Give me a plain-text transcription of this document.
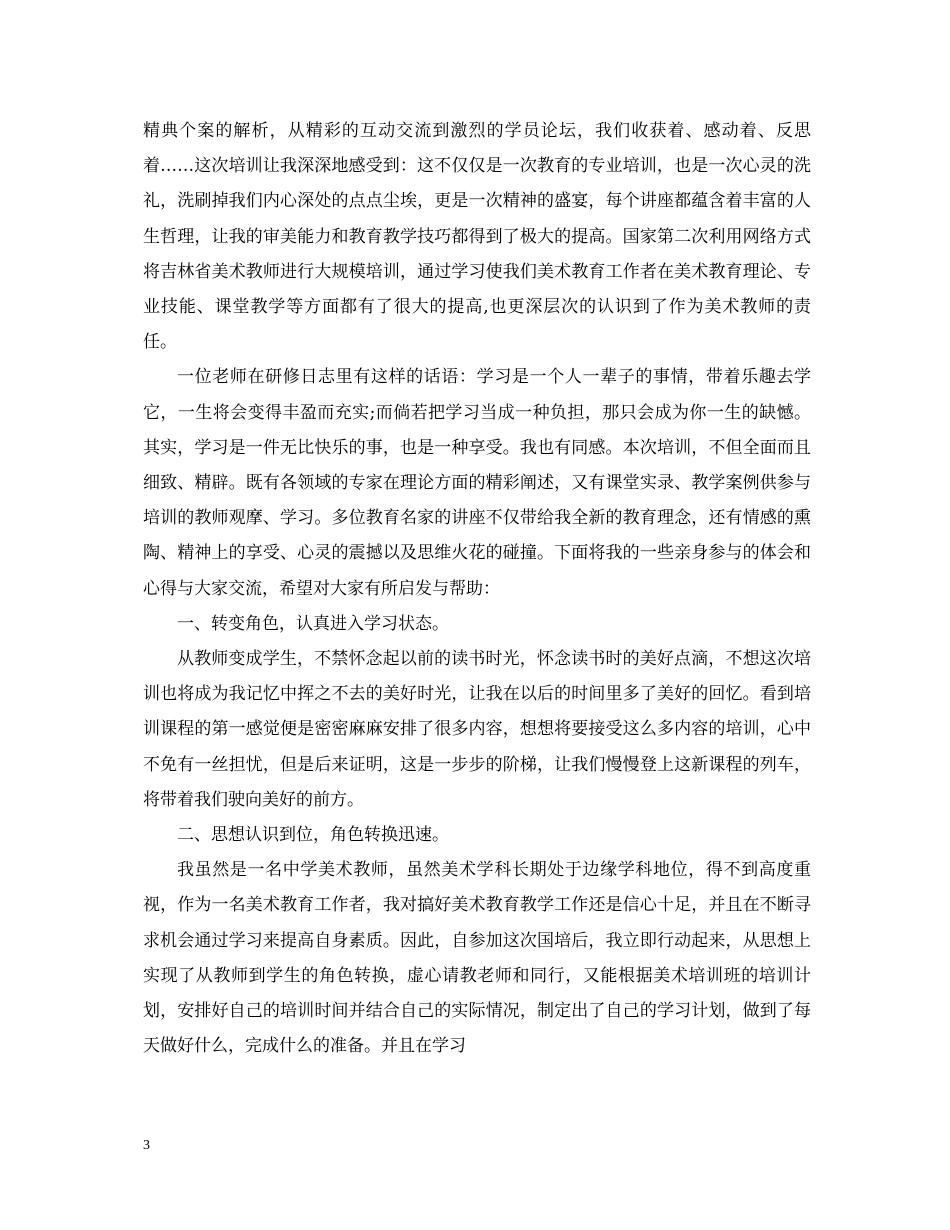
精典个案的解析，从精彩的互动交流到激烈的学员论坛，我们收获着、感动着、反思着……这次培训让我深深地感受到：这不仅仅是一次教育的专业培训，也是一次心灵的洗礼，洗刷掉我们内心深处的点点尘埃，更是一次精神的盛宴，每个讲座都蕴含着丰富的人生哲理，让我的审美能力和教育教学技巧都得到了极大的提高。国家第二次利用网络方式将吉林省美术教师进行大规模培训，通过学习使我们美术教育工作者在美术教育理论、专业技能、课堂教学等方面都有了很大的提高,也更深层次的认识到了作为美术教师的责任。

一位老师在研修日志里有这样的话语：学习是一个人一辈子的事情，带着乐趣去学它，一生将会变得丰盈而充实;而倘若把学习当成一种负担，那只会成为你一生的缺憾。其实，学习是一件无比快乐的事，也是一种享受。我也有同感。本次培训，不但全面而且细致、精辟。既有各领域的专家在理论方面的精彩阐述，又有课堂实录、教学案例供参与培训的教师观摩、学习。多位教育名家的讲座不仅带给我全新的教育理念，还有情感的熏陶、精神上的享受、心灵的震撼以及思维火花的碰撞。下面将我的一些亲身参与的体会和心得与大家交流，希望对大家有所启发与帮助：

一、转变角色，认真进入学习状态。

从教师变成学生，不禁怀念起以前的读书时光，怀念读书时的美好点滴，不想这次培训也将成为我记忆中挥之不去的美好时光，让我在以后的时间里多了美好的回忆。看到培训课程的第一感觉便是密密麻麻安排了很多内容，想想将要接受这么多内容的培训，心中不免有一丝担忧，但是后来证明，这是一步步的阶梯，让我们慢慢登上这新课程的列车，将带着我们驶向美好的前方。

二、思想认识到位，角色转换迅速。

我虽然是一名中学美术教师，虽然美术学科长期处于边缘学科地位，得不到高度重视，作为一名美术教育工作者，我对搞好美术教育教学工作还是信心十足，并且在不断寻求机会通过学习来提高自身素质。因此，自参加这次国培后，我立即行动起来，从思想上实现了从教师到学生的角色转换，虚心请教老师和同行，又能根据美术培训班的培训计划，安排好自己的培训时间并结合自己的实际情况，制定出了自己的学习计划，做到了每天做好什么，完成什么的准备。并且在学习

3
